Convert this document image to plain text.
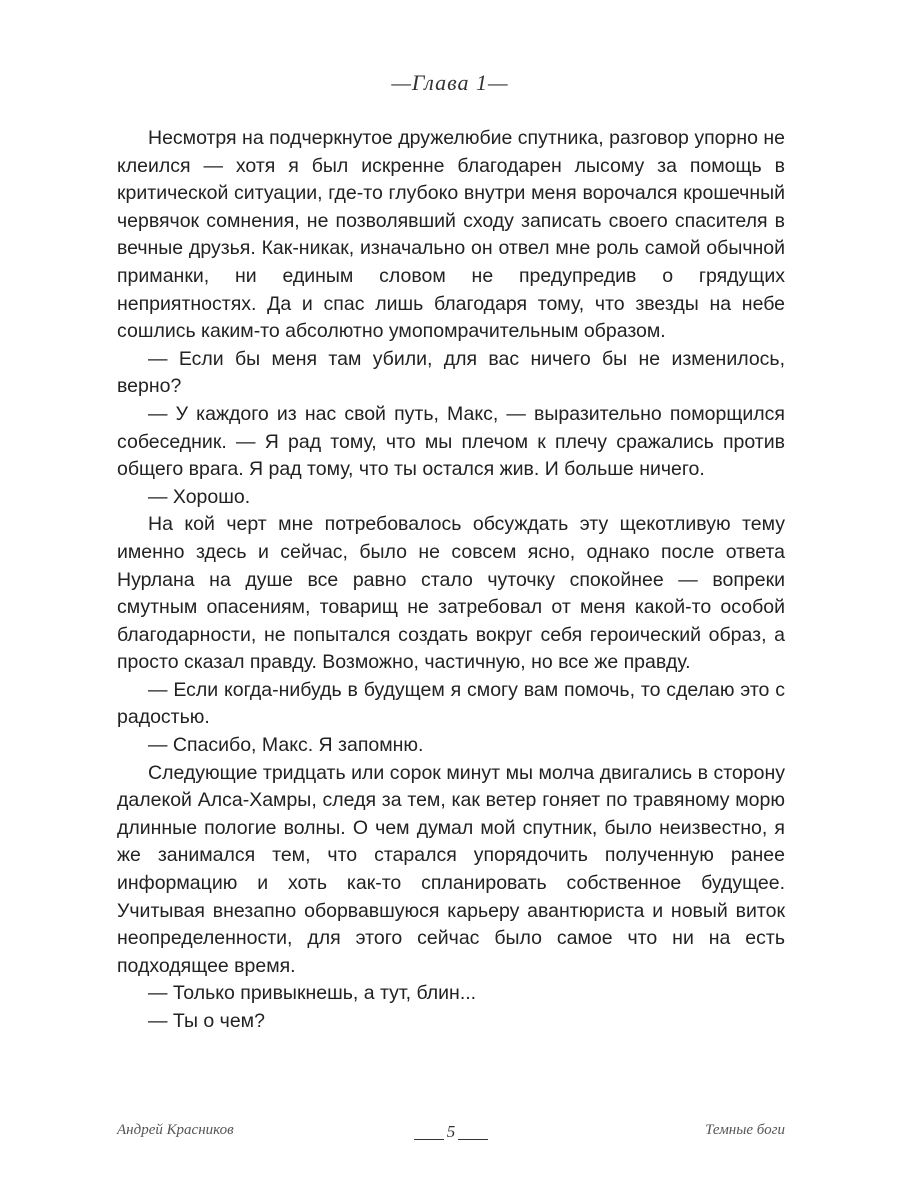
—Глава 1—

Несмотря на подчеркнутое дружелюбие спутника, разговор упорно не клеился — хотя я был искренне благодарен лысому за помощь в критической ситуации, где-то глубоко внутри меня ворочался крошечный червячок сомнения, не позволявший сходу записать своего спасителя в вечные друзья. Как-никак, изначально он отвел мне роль самой обычной приманки, ни единым словом не предупредив о грядущих неприятностях. Да и спас лишь благодаря тому, что звезды на небе сошлись каким-то абсолютно умопомрачительным образом.

— Если бы меня там убили, для вас ничего бы не изменилось, верно?

— У каждого из нас свой путь, Макс, — выразительно поморщился собеседник. — Я рад тому, что мы плечом к плечу сражались против общего врага. Я рад тому, что ты остался жив. И больше ничего.

— Хорошо.

На кой черт мне потребовалось обсуждать эту щекотливую тему именно здесь и сейчас, было не совсем ясно, однако после ответа Нурлана на душе все равно стало чуточку спокойнее — вопреки смутным опасениям, товарищ не затребовал от меня какой-то особой благодарности, не попытался создать вокруг себя героический образ, а просто сказал правду. Возможно, частичную, но все же правду.

— Если когда-нибудь в будущем я смогу вам помочь, то сделаю это с радостью.

— Спасибо, Макс. Я запомню.

Следующие тридцать или сорок минут мы молча двигались в сторону далекой Алса-Хамры, следя за тем, как ветер гоняет по травяному морю длинные пологие волны. О чем думал мой спутник, было неизвестно, я же занимался тем, что старался упорядочить полученную ранее информацию и хоть как-то спланировать собственное будущее. Учитывая внезапно оборвавшуюся карьеру авантюриста и новый виток неопределенности, для этого сейчас было самое что ни на есть подходящее время.

— Только привыкнешь, а тут, блин...

— Ты о чем?

Андрей Красников	5	Темные боги
